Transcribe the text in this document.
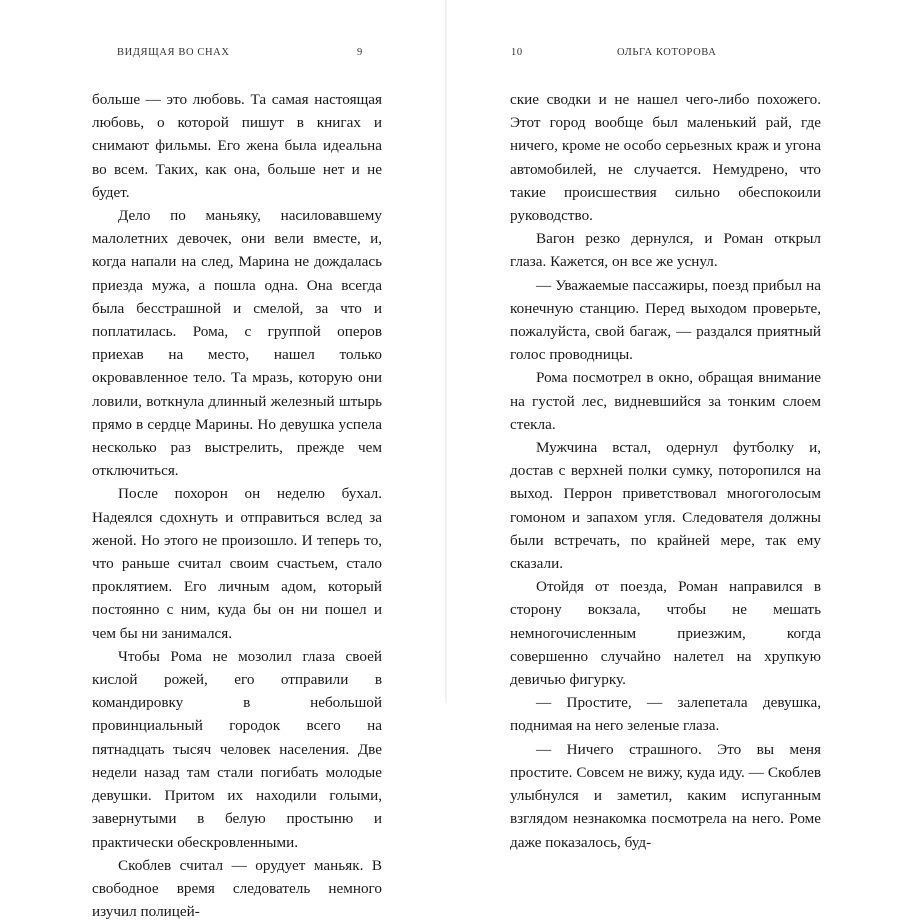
ВИДЯЩАЯ ВО СНАХ	9

больше — это любовь. Та самая настоящая любовь, о которой пишут в книгах и снимают фильмы. Его жена была идеальна во всем. Таких, как она, больше нет и не будет.

Дело по маньяку, насиловавшему малолетних девочек, они вели вместе, и, когда напали на след, Марина не дождалась приезда мужа, а пошла одна. Она всегда была бесстрашной и смелой, за что и поплатилась. Рома, с группой оперов приехав на место, нашел только окровавленное тело. Та мразь, которую они ловили, воткнула длинный железный штырь прямо в сердце Марины. Но девушка успела несколько раз выстрелить, прежде чем отключиться.

После похорон он неделю бухал. Надеялся сдохнуть и отправиться вслед за женой. Но этого не произошло. И теперь то, что раньше считал своим счастьем, стало проклятием. Его личным адом, который постоянно с ним, куда бы он ни пошел и чем бы ни занимался.

Чтобы Рома не мозолил глаза своей кислой рожей, его отправили в командировку в небольшой провинциальный городок всего на пятнадцать тысяч человек населения. Две недели назад там стали погибать молодые девушки. Притом их находили голыми, завернутыми в белую простыню и практически обескровленными.

Скоблев считал — орудует маньяк. В свободное время следователь немного изучил полицей-

10	ОЛЬГА КОТОРОВА

ские сводки и не нашел чего-либо похожего. Этот город вообще был маленький рай, где ничего, кроме не особо серьезных краж и угона автомобилей, не случается. Немудрено, что такие происшествия сильно обеспокоили руководство.

Вагон резко дернулся, и Роман открыл глаза. Кажется, он все же уснул.

— Уважаемые пассажиры, поезд прибыл на конечную станцию. Перед выходом проверьте, пожалуйста, свой багаж, — раздался приятный голос проводницы.

Рома посмотрел в окно, обращая внимание на густой лес, видневшийся за тонким слоем стекла.

Мужчина встал, одернул футболку и, достав с верхней полки сумку, поторопился на выход. Перрон приветствовал многоголосым гомоном и запахом угля. Следователя должны были встречать, по крайней мере, так ему сказали.

Отойдя от поезда, Роман направился в сторону вокзала, чтобы не мешать немногочисленным приезжим, когда совершенно случайно налетел на хрупкую девичью фигурку.

— Простите, — залепетала девушка, поднимая на него зеленые глаза.

— Ничего страшного. Это вы меня простите. Совсем не вижу, куда иду. — Скоблев улыбнулся и заметил, каким испуганным взглядом незнакомка посмотрела на него. Роме даже показалось, буд-
